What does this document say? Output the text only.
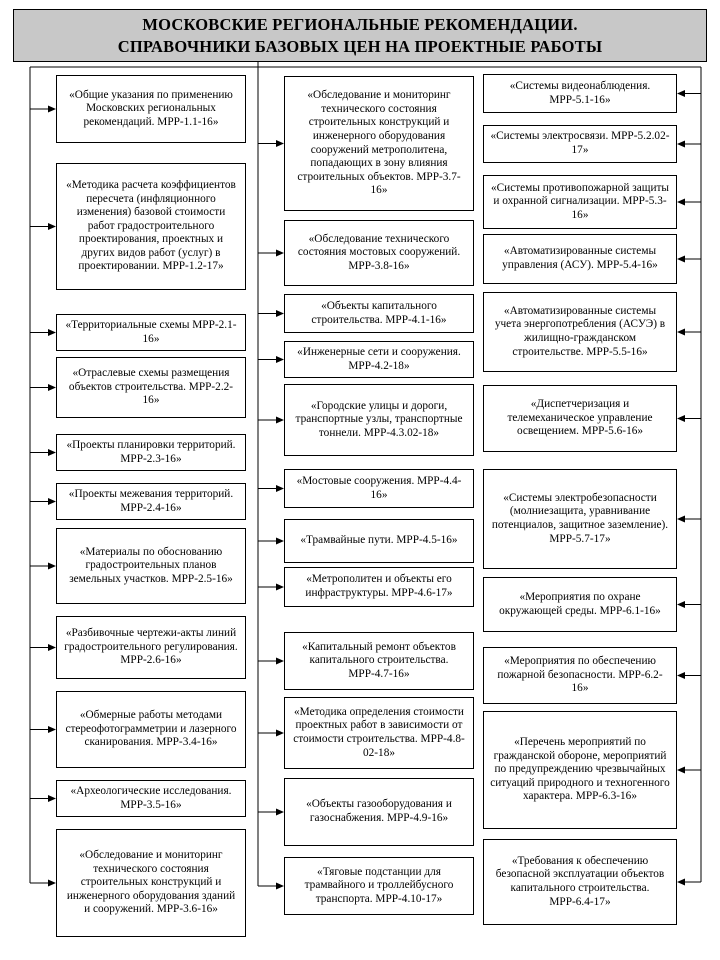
МОСКОВСКИЕ РЕГИОНАЛЬНЫЕ РЕКОМЕНДАЦИИ.
СПРАВОЧНИКИ БАЗОВЫХ ЦЕН НА ПРОЕКТНЫЕ РАБОТЫ
«Общие указания по применению Московских региональных рекомендаций. МРР-1.1-16»
«Методика расчета коэффициентов пересчета (инфляционного изменения) базовой стоимости работ градостроительного проектирования, проектных и других видов работ (услуг) в проектировании. МРР-1.2-17»
«Территориальные схемы МРР-2.1-16»
«Отраслевые схемы размещения объектов строительства. МРР-2.2-16»
«Проекты планировки территорий. МРР-2.3-16»
«Проекты межевания территорий. МРР-2.4-16»
«Материалы по обоснованию градостроительных планов земельных участков. МРР-2.5-16»
«Разбивочные чертежи-акты линий градостроительного регулирования. МРР-2.6-16»
«Обмерные работы методами стереофотограмметрии и лазерного сканирования. МРР-3.4-16»
«Археологические исследования. МРР-3.5-16»
«Обследование и мониторинг технического состояния строительных конструкций и инженерного оборудования зданий и сооружений. МРР-3.6-16»
«Обследование и мониторинг технического состояния строительных конструкций и инженерного оборудования сооружений метрополитена, попадающих в зону влияния строительных объектов. МРР-3.7-16»
«Обследование технического состояния мостовых сооружений. МРР-3.8-16»
«Объекты капитального строительства. МРР-4.1-16»
«Инженерные сети и сооружения. МРР-4.2-18»
«Городские улицы и дороги, транспортные узлы, транспортные тоннели. МРР-4.3.02-18»
«Мостовые сооружения. МРР-4.4-16»
«Трамвайные пути. МРР-4.5-16»
«Метрополитен и объекты его инфраструктуры. МРР-4.6-17»
«Капитальный ремонт объектов капитального строительства. МРР-4.7-16»
«Методика определения стоимости проектных работ в зависимости от стоимости строительства. МРР-4.8-02-18»
«Объекты газооборудования и газоснабжения. МРР-4.9-16»
«Тяговые подстанции для трамвайного и троллейбусного транспорта. МРР-4.10-17»
«Системы видеонаблюдения. МРР-5.1-16»
«Системы электросвязи. МРР-5.2.02-17»
«Системы противопожарной защиты и охранной сигнализации. МРР-5.3-16»
«Автоматизированные системы управления (АСУ). МРР-5.4-16»
«Автоматизированные системы учета энергопотребления (АСУЭ) в жилищно-гражданском строительстве. МРР-5.5-16»
«Диспетчеризация и телемеханическое управление освещением. МРР-5.6-16»
«Системы электробезопасности (молниезащита, уравнивание потенциалов, защитное заземление). МРР-5.7-17»
«Мероприятия по охране окружающей среды. МРР-6.1-16»
«Мероприятия по обеспечению пожарной безопасности. МРР-6.2-16»
«Перечень мероприятий по гражданской обороне, мероприятий по предупреждению чрезвычайных ситуаций природного и техногенного характера. МРР-6.3-16»
«Требования к обеспечению безопасной эксплуатации объектов капитального строительства. МРР-6.4-17»
